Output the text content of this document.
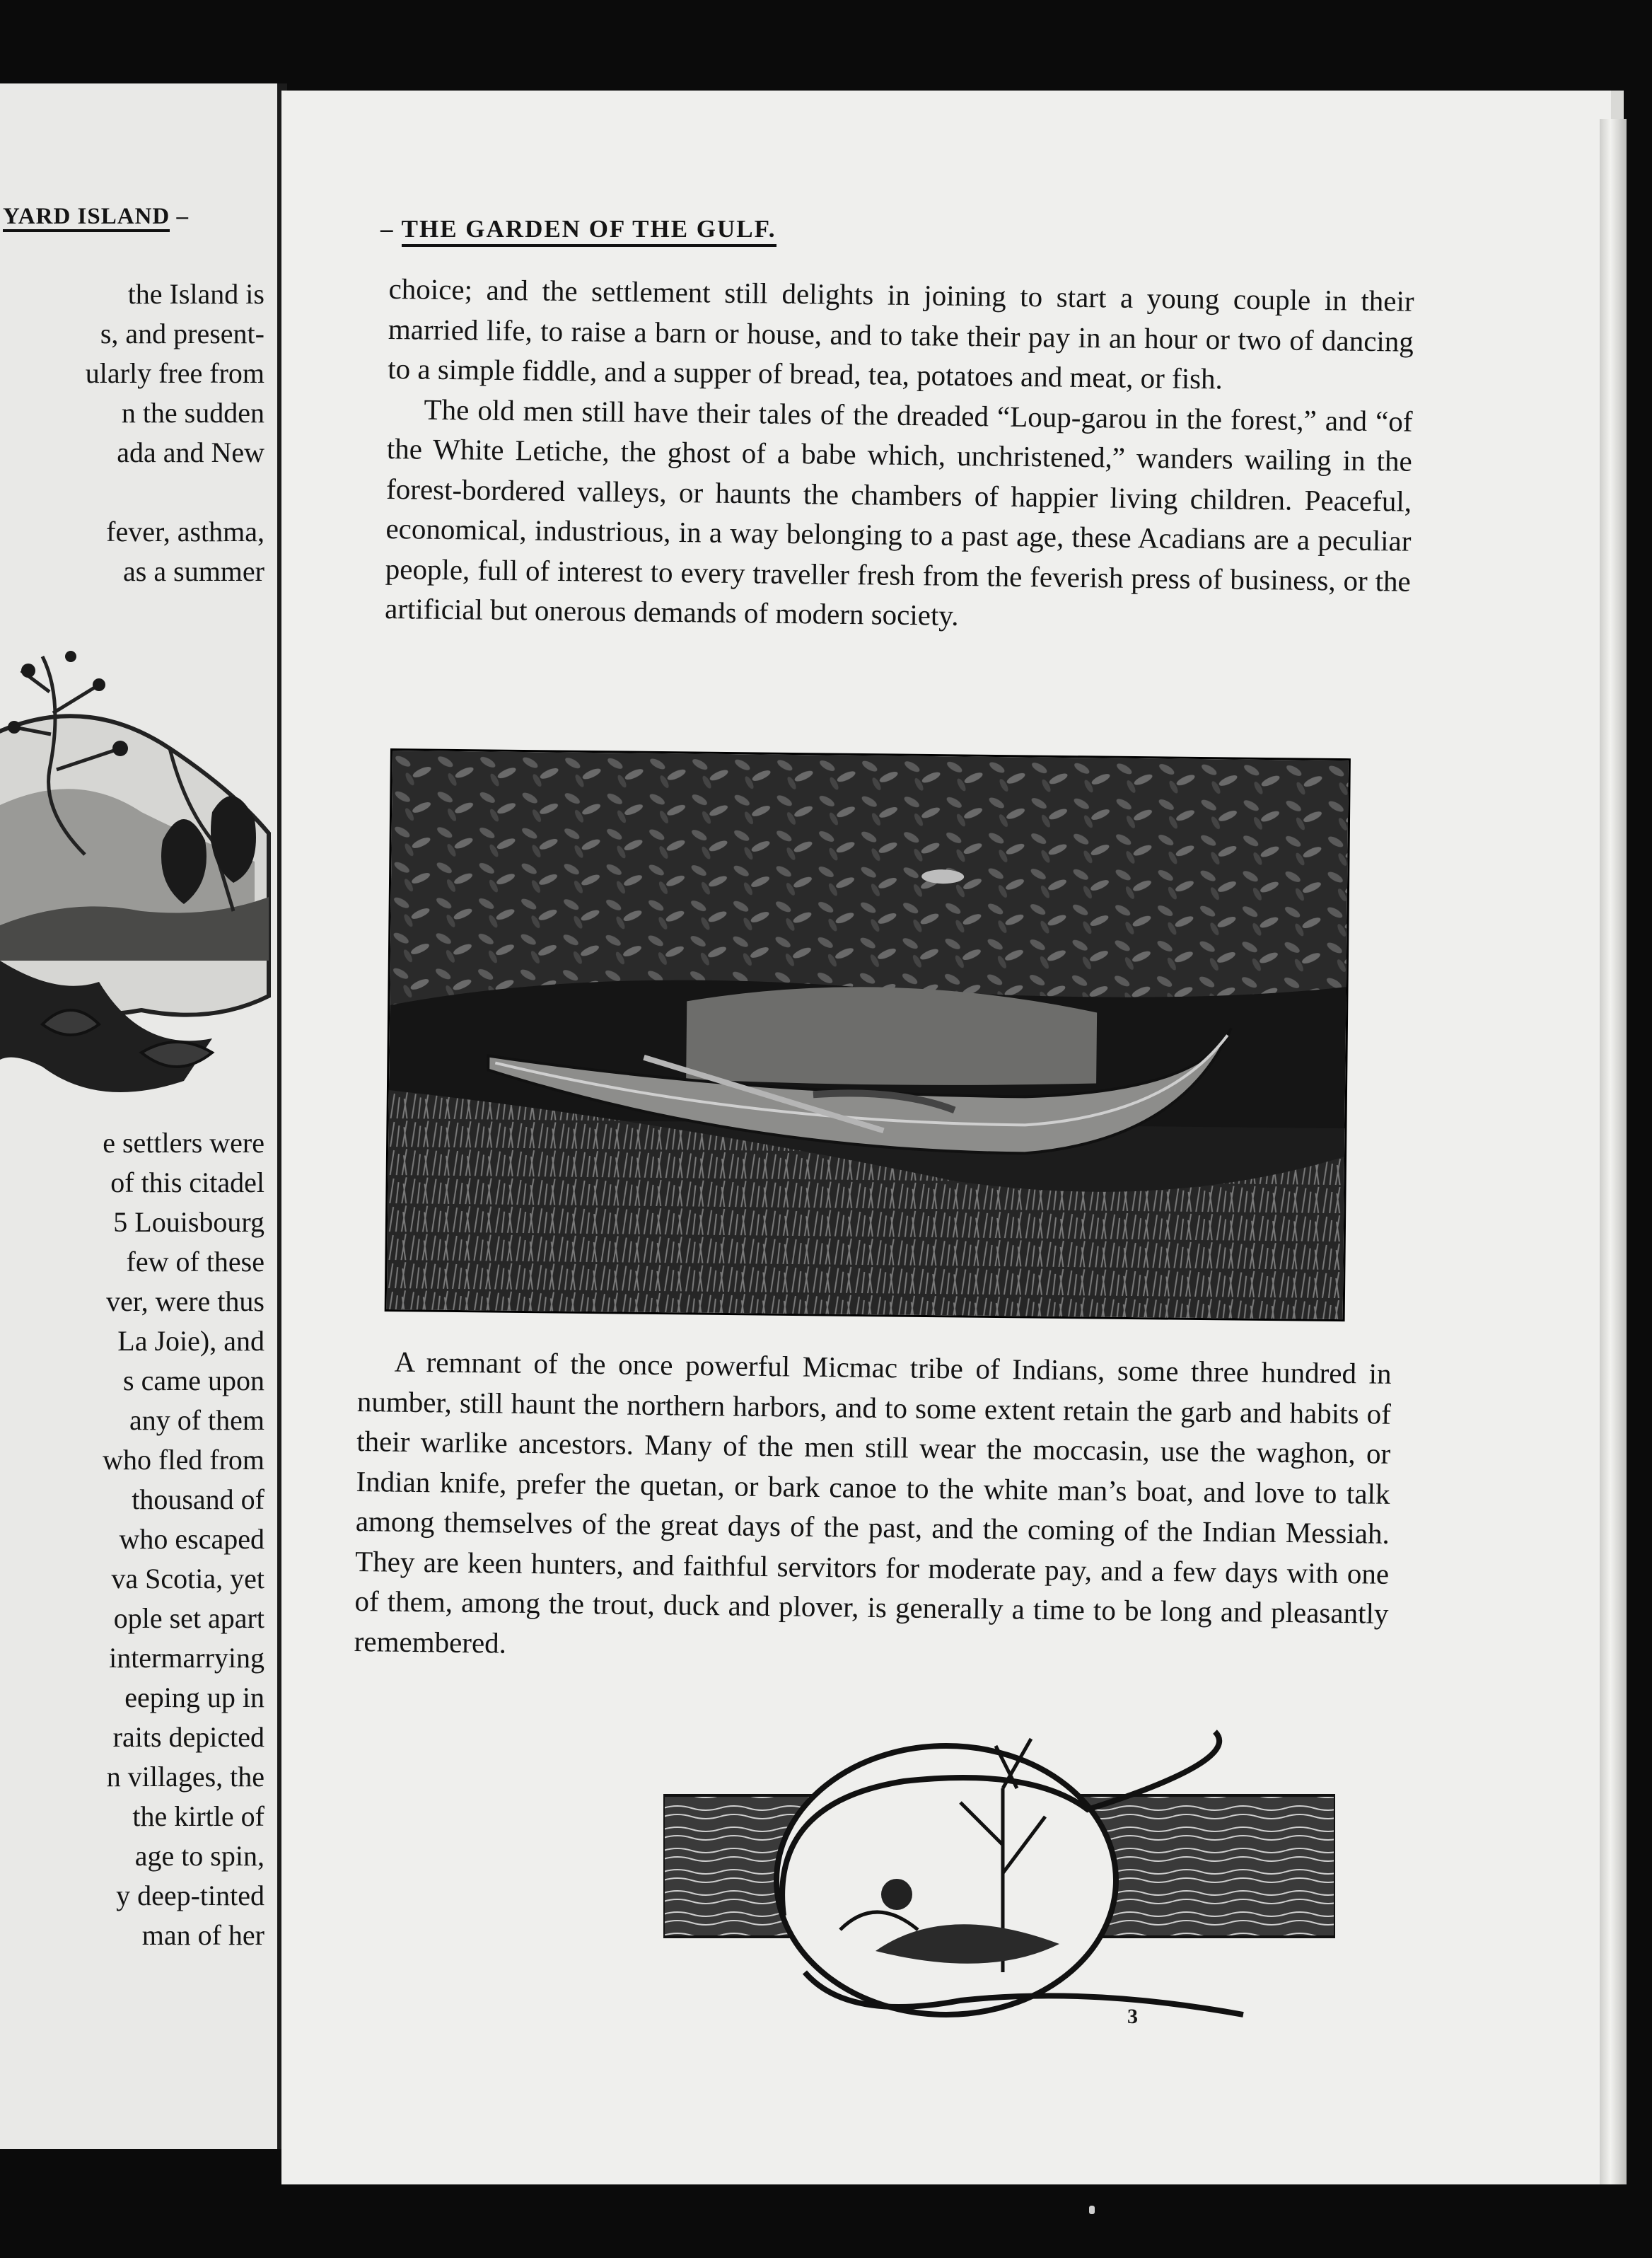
YARD ISLAND –
the Island is
s, and present-
ularly free from
n the sudden
ada and New
fever, asthma,
as a summer
e settlers were
of this citadel
5 Louisbourg
few of these
ver, were thus
La Joie), and
s came upon
any of them
who fled from
thousand of
who escaped
va Scotia, yet
ople set apart
intermarrying
eeping up in
raits depicted
n villages, the
the kirtle of
age to spin,
y deep-tinted
man of her
– THE GARDEN OF THE GULF.

choice; and the settlement still delights in joining to start a young couple in their married life, to raise a barn or house, and to take their pay in an hour or two of dancing to a simple fiddle, and a supper of bread, tea, potatoes and meat, or fish.

The old men still have their tales of the dreaded “Loup-garou in the forest,” and “of the White Letiche, the ghost of a babe which, unchristened,” wanders wailing in the forest-bordered valleys, or haunts the chambers of happier living children. Peaceful, economical, industrious, in a way belonging to a past age, these Acadians are a peculiar people, full of interest to every traveller fresh from the feverish press of business, or the artificial but onerous demands of modern society.

A remnant of the once powerful Micmac tribe of Indians, some three hundred in number, still haunt the northern harbors, and to some extent retain the garb and habits of their warlike ancestors. Many of the men still wear the moccasin, use the waghon, or Indian knife, prefer the quetan, or bark canoe to the white man’s boat, and love to talk among themselves of the great days of the past, and the coming of the Indian Messiah. They are keen hunters, and faithful servitors for moderate pay, and a few days with one of them, among the trout, duck and plover, is generally a time to be long and pleasantly remembered.

3
